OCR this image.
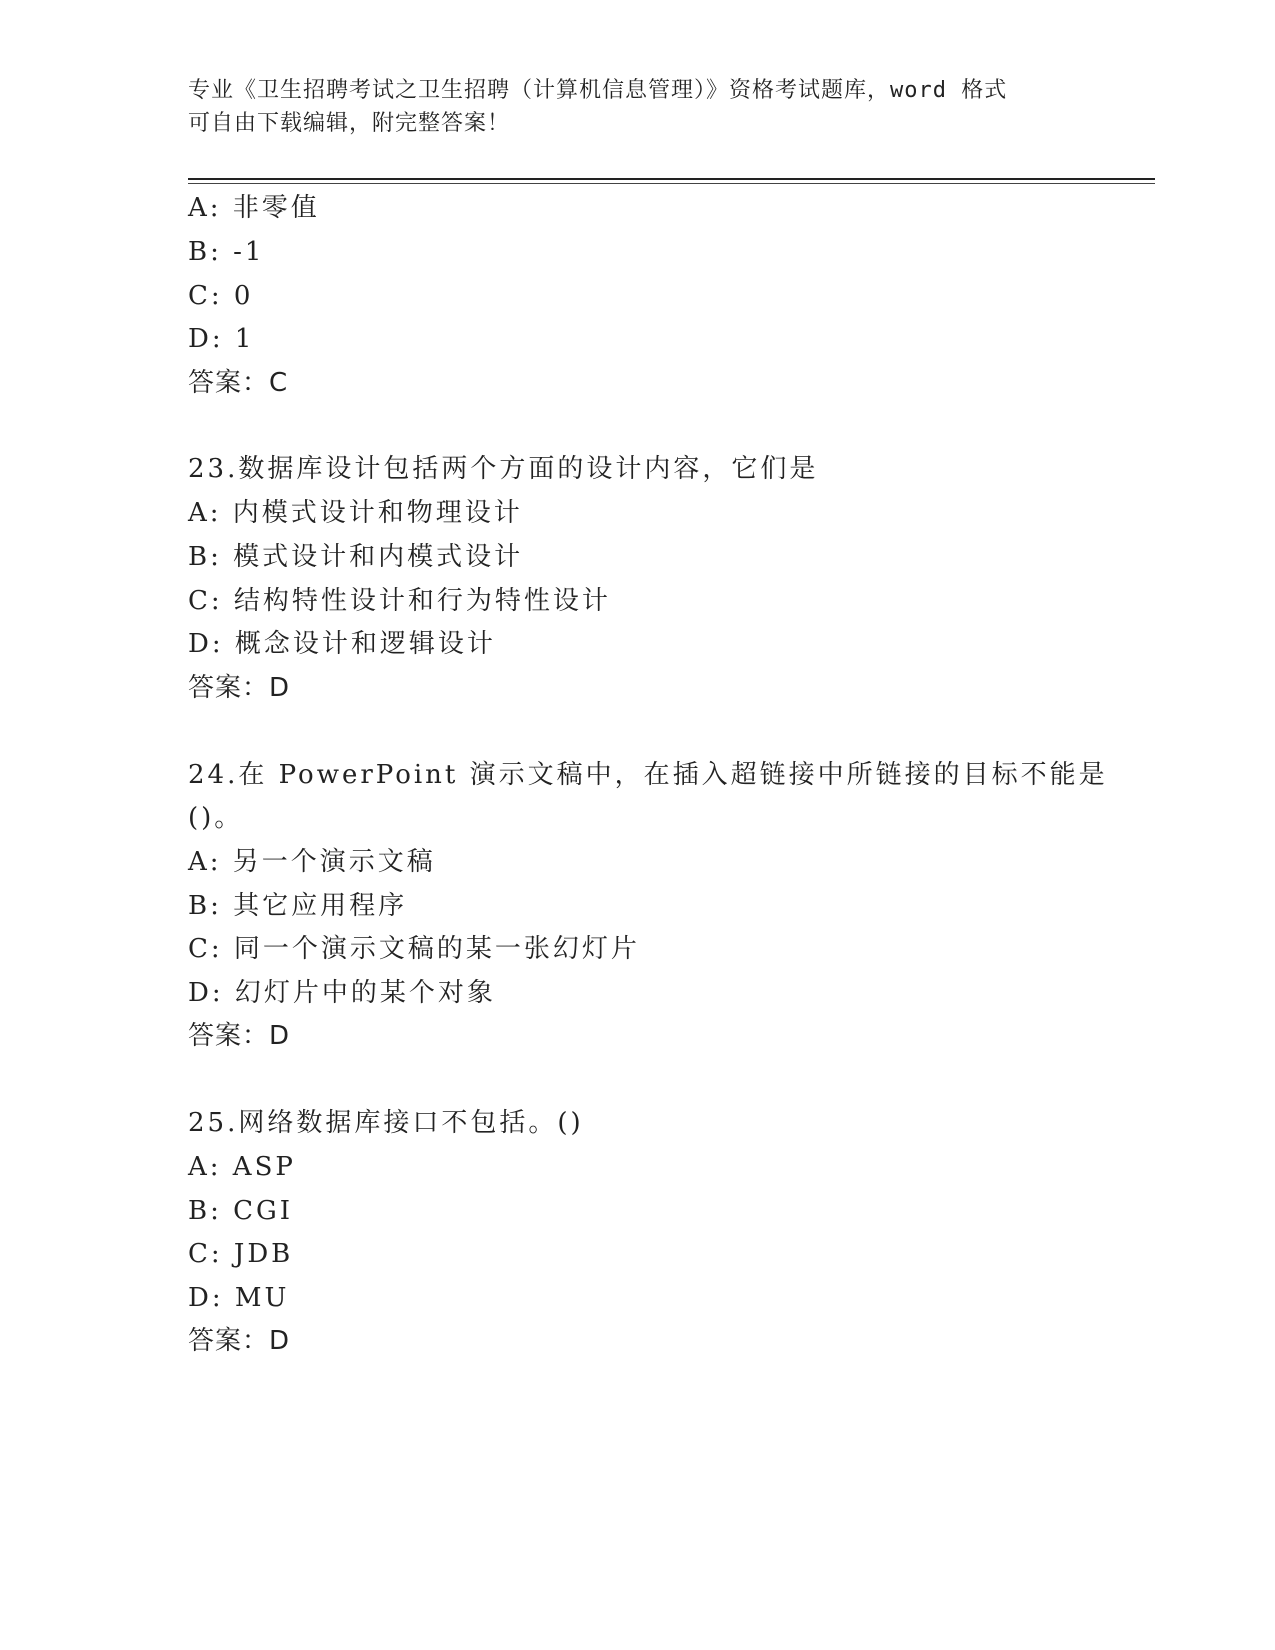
专业《卫生招聘考试之卫生招聘（计算机信息管理）》资格考试题库，word 格式
可自由下载编辑，附完整答案！
A: 非零值
B: -1
C: 0
D: 1
答案：C
23.数据库设计包括两个方面的设计内容，它们是
A: 内模式设计和物理设计
B: 模式设计和内模式设计
C: 结构特性设计和行为特性设计
D: 概念设计和逻辑设计
答案：D
24.在 PowerPoint 演示文稿中，在插入超链接中所链接的目标不能是
()。
A: 另一个演示文稿
B: 其它应用程序
C: 同一个演示文稿的某一张幻灯片
D: 幻灯片中的某个对象
答案：D
25.网络数据库接口不包括。()
A: ASP
B: CGI
C: JDB
D: MU
答案：D
